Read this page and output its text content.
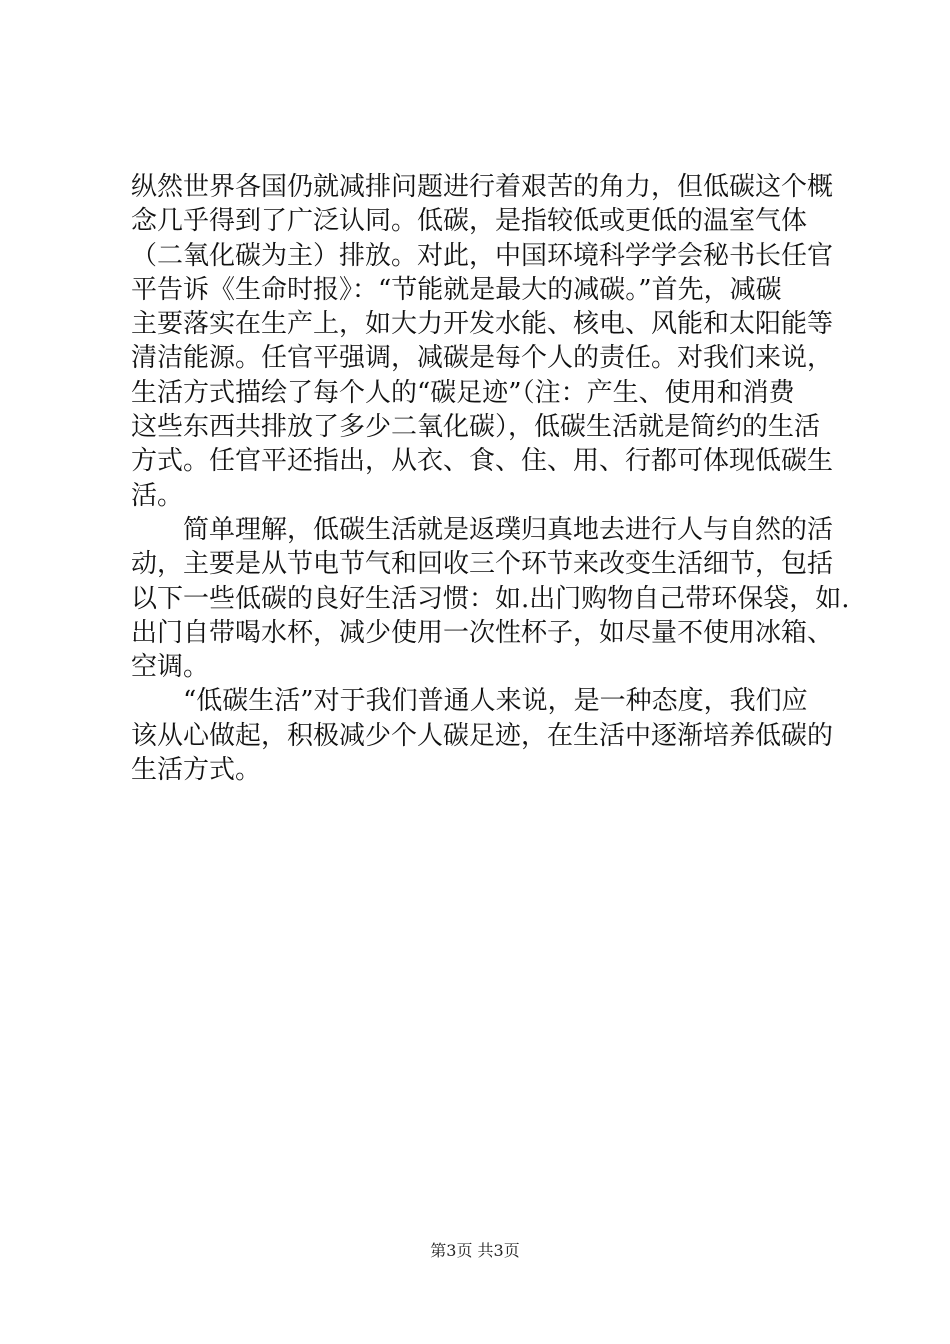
纵然世界各国仍就减排问题进行着艰苦的角力，但低碳这个概
念几乎得到了广泛认同。低碳，是指较低或更低的温室气体
（二氧化碳为主）排放。对此，中国环境科学学会秘书长任官
平告诉《生命时报》：“节能就是最大的减碳。”首先，减碳
主要落实在生产上，如大力开发水能、核电、风能和太阳能等
清洁能源。任官平强调，减碳是每个人的责任。对我们来说，
生活方式描绘了每个人的“碳足迹”（注：产生、使用和消费
这些东西共排放了多少二氧化碳），低碳生活就是简约的生活
方式。任官平还指出，从衣、食、住、用、行都可体现低碳生
活。
　　简单理解，低碳生活就是返璞归真地去进行人与自然的活
动，主要是从节电节气和回收三个环节来改变生活细节，包括
以下一些低碳的良好生活习惯：如.出门购物自己带环保袋，如.
出门自带喝水杯，减少使用一次性杯子，如尽量不使用冰箱、
空调。
　　“低碳生活”对于我们普通人来说，是一种态度，我们应
该从心做起，积极减少个人碳足迹，在生活中逐渐培养低碳的
生活方式。
第3页 共3页
